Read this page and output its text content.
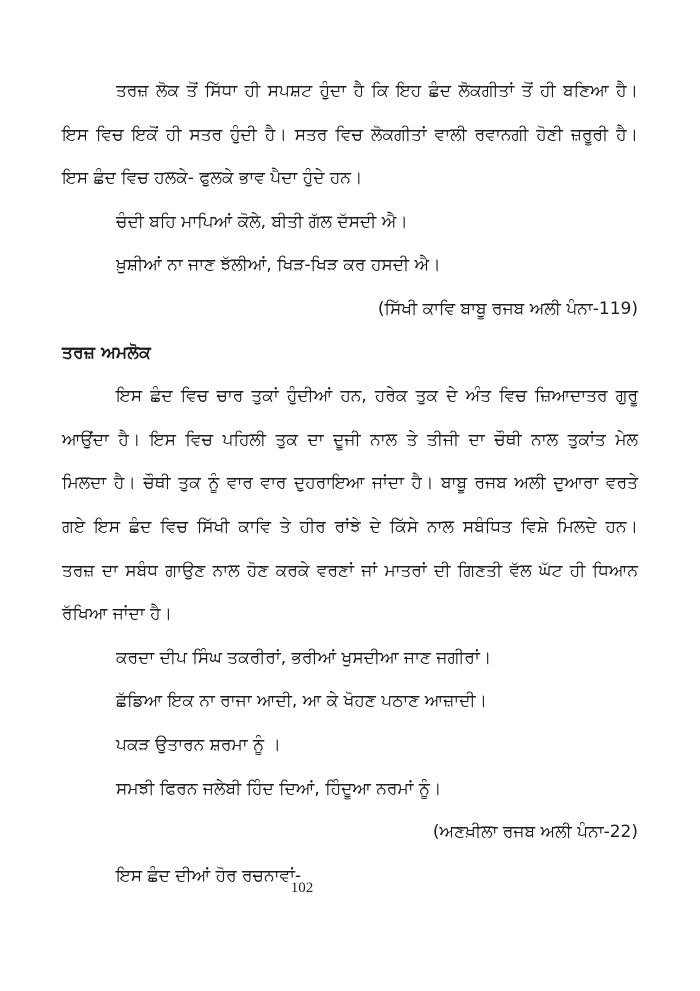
ਤਰਜ਼ ਲੋਕ ਤੋਂ ਸਿੱਧਾ ਹੀ ਸਪਸ਼ਟ ਹੁੰਦਾ ਹੈ ਕਿ ਇਹ ਛੰਦ ਲੋਕਗੀਤਾਂ ਤੋਂ ਹੀ ਬਣਿਆ ਹੈ।
ਇਸ ਵਿਚ ਇਕੋਂ ਹੀ ਸਤਰ ਹੁੰਦੀ ਹੈ। ਸਤਰ ਵਿਚ ਲੋਕਗੀਤਾਂ ਵਾਲੀ ਰਵਾਨਗੀ ਹੋਣੀ ਜ਼ਰੂਰੀ ਹੈ।
ਇਸ ਛੰਦ ਵਿਚ ਹਲਕੇ- ਫੁਲਕੇ ਭਾਵ ਪੈਦਾ ਹੁੰਦੇ ਹਨ।
ਚੰਦੀ ਬਹਿ ਮਾਪਿਆਂ ਕੋਲੇ, ਬੀਤੀ ਗੱਲ ਦੱਸਦੀ ਐ।
ਖ਼ੁਸ਼ੀਆਂ ਨਾ ਜਾਣ ਝੱਲੀਆਂ, ਖਿੜ-ਖਿੜ ਕਰ ਹਸਦੀ ਐ।
(ਸਿੱਖੀ ਕਾਵਿ ਬਾਬੂ ਰਜਬ ਅਲੀ ਪੰਨਾ-119)
ਤਰਜ਼ ਅਮਲੋਕ
ਇਸ ਛੰਦ ਵਿਚ ਚਾਰ ਤੁਕਾਂ ਹੁੰਦੀਆਂ ਹਨ, ਹਰੇਕ ਤੁਕ ਦੇ ਅੰਤ ਵਿਚ ਜ਼ਿਆਦਾਤਰ ਗੁਰੂ
ਆਉਂਦਾ ਹੈ। ਇਸ ਵਿਚ ਪਹਿਲੀ ਤੁਕ ਦਾ ਦੂਜੀ ਨਾਲ ਤੇ ਤੀਜੀ ਦਾ ਚੌਥੀ ਨਾਲ ਤੁਕਾਂਤ ਮੇਲ
ਮਿਲਦਾ ਹੈ। ਚੌਥੀ ਤੁਕ ਨੂੰ ਵਾਰ ਵਾਰ ਦੁਹਰਾਇਆ ਜਾਂਦਾ ਹੈ। ਬਾਬੂ ਰਜਬ ਅਲੀ ਦੁਆਰਾ ਵਰਤੇ
ਗਏ ਇਸ ਛੰਦ ਵਿਚ ਸਿੱਖੀ ਕਾਵਿ ਤੇ ਹੀਰ ਰਾਂਝੇ ਦੇ ਕਿੱਸੇ ਨਾਲ ਸਬੰਧਿਤ ਵਿਸ਼ੇ ਮਿਲਦੇ ਹਨ।
ਤਰਜ਼ ਦਾ ਸਬੰਧ ਗਾਉਣ ਨਾਲ ਹੋਣ ਕਰਕੇ ਵਰਣਾਂ ਜਾਂ ਮਾਤਰਾਂ ਦੀ ਗਿਣਤੀ ਵੱਲ ਘੱਟ ਹੀ ਧਿਆਨ
ਰੱਖਿਆ ਜਾਂਦਾ ਹੈ।
ਕਰਦਾ ਦੀਪ ਸਿੰਘ ਤਕਰੀਰਾਂ, ਭਰੀਆਂ ਖੁਸਦੀਆ ਜਾਣ ਜਗੀਰਾਂ।
ਛੱਡਿਆ ਇਕ ਨਾ ਰਾਜਾ ਆਦੀ, ਆ ਕੇ ਖੋਹਣ ਪਠਾਣ ਆਜ਼ਾਦੀ।
ਪਕੜ ਉਤਾਰਨ ਸ਼ਰਮਾ ਨੂੰ ।
ਸਮਝੀ ਫਿਰਨ ਜਲੇਬੀ ਹਿੰਦ ਦਿਆਂ, ਹਿੰਦੂਆ ਨਰਮਾਂ ਨੂੰ।
(ਅਣਖ਼ੀਲਾ ਰਜਬ ਅਲੀ ਪੰਨਾ-22)
ਇਸ ਛੰਦ ਦੀਆਂ ਹੋਰ ਰਚਨਾਵਾਂ-
102
